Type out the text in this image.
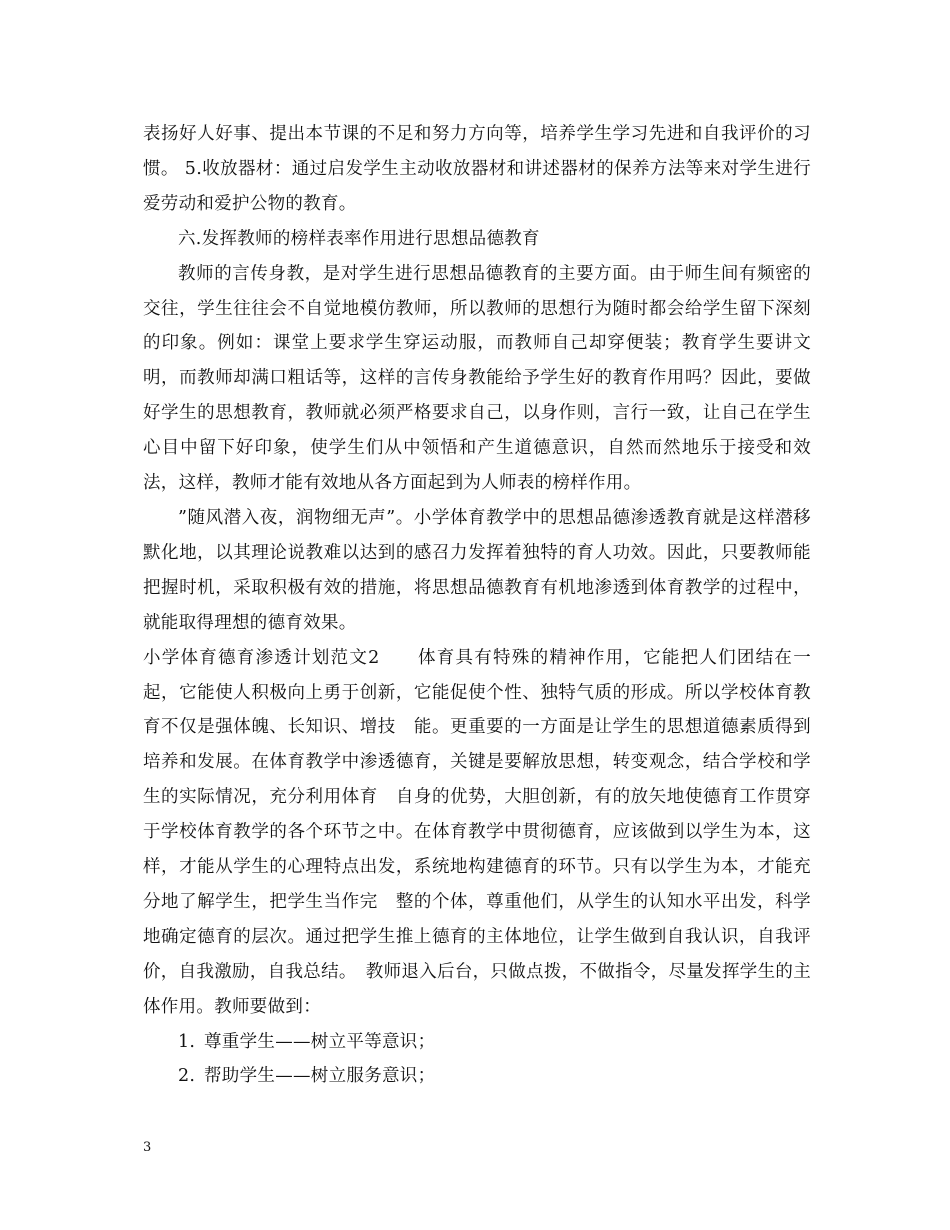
表扬好人好事、提出本节课的不足和努力方向等，培养学生学习先进和自我评价的习惯。 5.收放器材：通过启发学生主动收放器材和讲述器材的保养方法等来对学生进行爱劳动和爱护公物的教育。

六.发挥教师的榜样表率作用进行思想品德教育

教师的言传身教，是对学生进行思想品德教育的主要方面。由于师生间有频密的交往，学生往往会不自觉地模仿教师，所以教师的思想行为随时都会给学生留下深刻的印象。例如：课堂上要求学生穿运动服，而教师自己却穿便装；教育学生要讲文明，而教师却满口粗话等，这样的言传身教能给予学生好的教育作用吗？因此，要做好学生的思想教育，教师就必须严格要求自己，以身作则，言行一致，让自己在学生心目中留下好印象，使学生们从中领悟和产生道德意识，自然而然地乐于接受和效法，这样，教师才能有效地从各方面起到为人师表的榜样作用。

”随风潜入夜，润物细无声”。小学体育教学中的思想品德渗透教育就是这样潜移默化地，以其理论说教难以达到的感召力发挥着独特的育人功效。因此，只要教师能把握时机，采取积极有效的措施，将思想品德教育有机地渗透到体育教学的过程中，就能取得理想的德育效果。

小学体育德育渗透计划范文2　　体育具有特殊的精神作用，它能把人们团结在一起，它能使人积极向上勇于创新，它能促使个性、独特气质的形成。所以学校体育教育不仅是强体魄、长知识、增技　能。更重要的一方面是让学生的思想道德素质得到培养和发展。在体育教学中渗透德育，关键是要解放思想，转变观念，结合学校和学生的实际情况，充分利用体育　自身的优势，大胆创新，有的放矢地使德育工作贯穿于学校体育教学的各个环节之中。在体育教学中贯彻德育，应该做到以学生为本，这样，才能从学生的心理特点出发，系统地构建德育的环节。只有以学生为本，才能充分地了解学生，把学生当作完　整的个体，尊重他们，从学生的认知水平出发，科学地确定德育的层次。通过把学生推上德育的主体地位，让学生做到自我认识，自我评价，自我激励，自我总结。　教师退入后台，只做点拨，不做指令，尽量发挥学生的主体作用。教师要做到：

1. 尊重学生——树立平等意识；
2. 帮助学生——树立服务意识；
3
